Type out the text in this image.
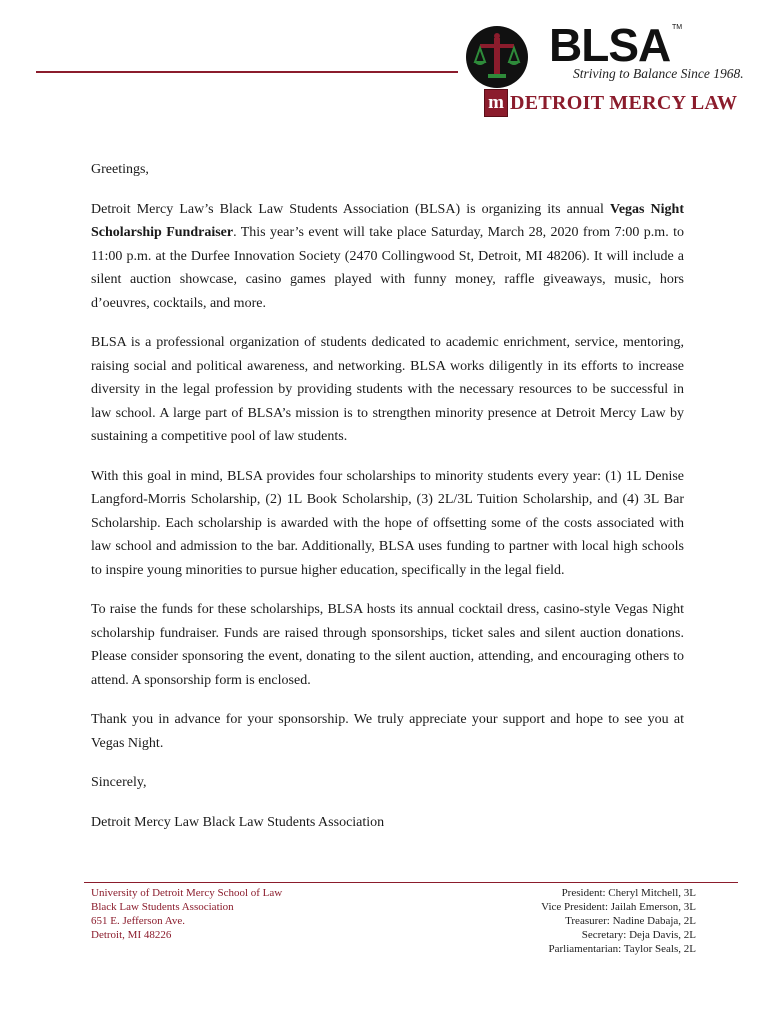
BLSA TM
Striving to Balance Since 1968.
m DETROIT MERCY LAW

Greetings,

Detroit Mercy Law’s Black Law Students Association (BLSA) is organizing its annual Vegas Night Scholarship Fundraiser. This year’s event will take place Saturday, March 28, 2020 from 7:00 p.m. to 11:00 p.m. at the Durfee Innovation Society (2470 Collingwood St, Detroit, MI 48206). It will include a silent auction showcase, casino games played with funny money, raffle giveaways, music, hors d’oeuvres, cocktails, and more.

BLSA is a professional organization of students dedicated to academic enrichment, service, mentoring, raising social and political awareness, and networking. BLSA works diligently in its efforts to increase diversity in the legal profession by providing students with the necessary resources to be successful in law school. A large part of BLSA’s mission is to strengthen minority presence at Detroit Mercy Law by sustaining a competitive pool of law students.

With this goal in mind, BLSA provides four scholarships to minority students every year: (1) 1L Denise Langford-Morris Scholarship, (2) 1L Book Scholarship, (3) 2L/3L Tuition Scholarship, and (4) 3L Bar Scholarship. Each scholarship is awarded with the hope of offsetting some of the costs associated with law school and admission to the bar. Additionally, BLSA uses funding to partner with local high schools to inspire young minorities to pursue higher education, specifically in the legal field.

To raise the funds for these scholarships, BLSA hosts its annual cocktail dress, casino-style Vegas Night scholarship fundraiser. Funds are raised through sponsorships, ticket sales and silent auction donations. Please consider sponsoring the event, donating to the silent auction, attending, and encouraging others to attend. A sponsorship form is enclosed.

Thank you in advance for your sponsorship. We truly appreciate your support and hope to see you at Vegas Night.

Sincerely,

Detroit Mercy Law Black Law Students Association

University of Detroit Mercy School of Law
Black Law Students Association
651 E. Jefferson Ave.
Detroit, MI 48226
President: Cheryl Mitchell, 3L
Vice President: Jailah Emerson, 3L
Treasurer: Nadine Dabaja, 2L
Secretary: Deja Davis, 2L
Parliamentarian: Taylor Seals, 2L
